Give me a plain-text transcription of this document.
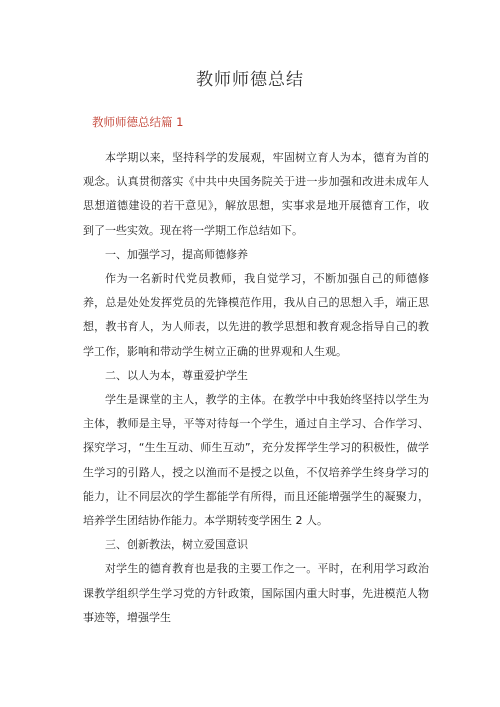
教师师德总结
教师师德总结篇 1

本学期以来，坚持科学的发展观，牢固树立育人为本，德育为首的观念。认真贯彻落实《中共中央国务院关于进一步加强和改进未成年人思想道德建设的若干意见》，解放思想，实事求是地开展德育工作，收到了一些实效。现在将一学期工作总结如下。

一、加强学习，提高师德修养

作为一名新时代党员教师，我自觉学习，不断加强自己的师德修养，总是处处发挥党员的先锋模范作用，我从自己的思想入手，端正思想，教书育人，为人师表，以先进的教学思想和教育观念指导自己的教学工作，影响和带动学生树立正确的世界观和人生观。

二、以人为本，尊重爱护学生

学生是课堂的主人，教学的主体。在教学中中我始终坚持以学生为主体，教师是主导，平等对待每一个学生，通过自主学习、合作学习、探究学习，“生生互动、师生互动”，充分发挥学生学习的积极性，做学生学习的引路人，授之以渔而不是授之以鱼，不仅培养学生终身学习的能力，让不同层次的学生都能学有所得，而且还能增强学生的凝聚力，培养学生团结协作能力。本学期转变学困生 2 人。

三、创新教法，树立爱国意识

对学生的德育教育也是我的主要工作之一。平时，在利用学习政治课教学组织学生学习党的方针政策，国际国内重大时事，先进模范人物事迹等，增强学生
